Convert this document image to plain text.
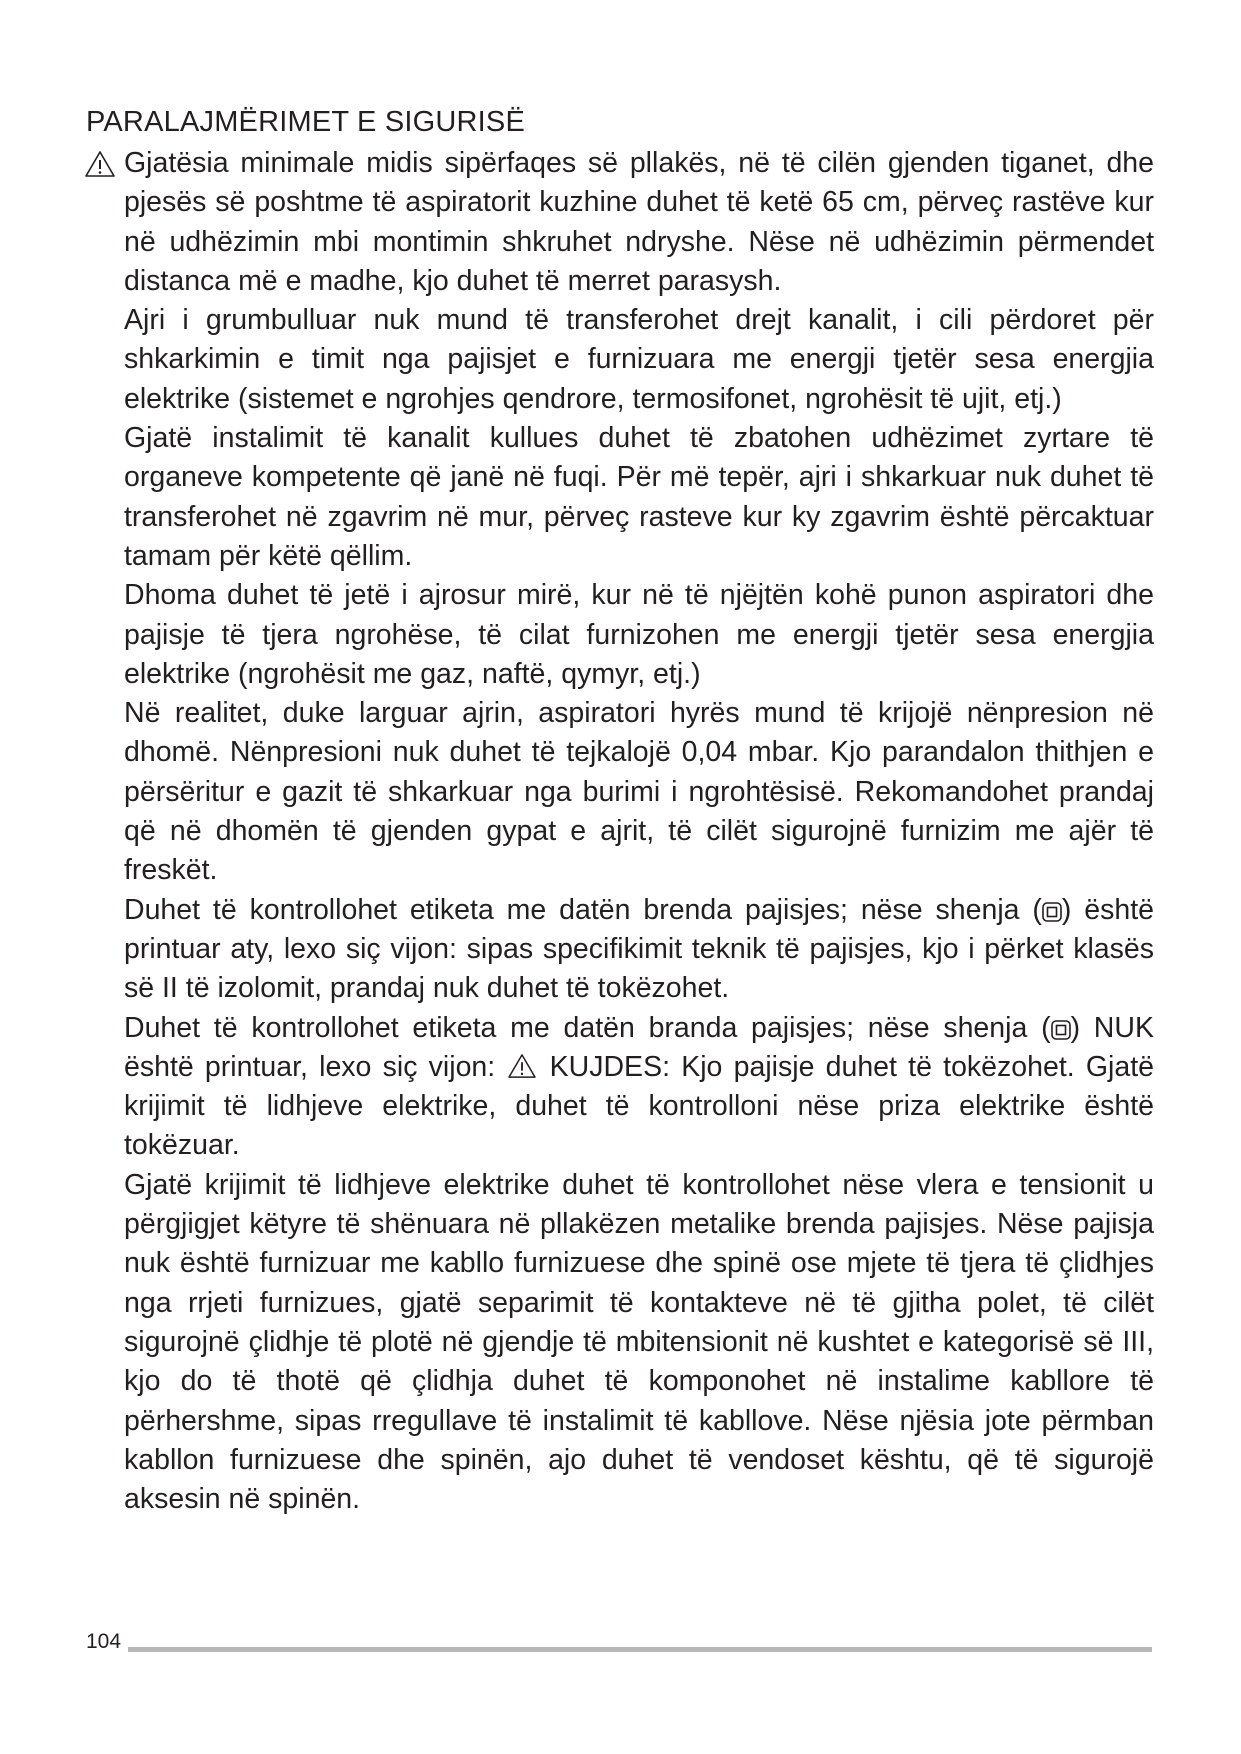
PARALAJMËRIMET E SIGURISË

Gjatësia minimale midis sipërfaqes së pllakës, në të cilën gjenden tiganet, dhe pjesës së poshtme të aspiratorit kuzhine duhet të ketë 65 cm, përveç rastëve kur në udhëzimin mbi montimin shkruhet ndryshe. Nëse në udhëzimin përmendet distanca më e madhe, kjo duhet të merret parasysh.

Ajri i grumbulluar nuk mund të transferohet drejt kanalit, i cili përdoret për shkarkimin e timit nga pajisjet e furnizuara me energji tjetër sesa energjia elektrike (sistemet e ngrohjes qendrore, termosifonet, ngrohësit të ujit, etj.)

Gjatë instalimit të kanalit kullues duhet të zbatohen udhëzimet zyrtare të organeve kompetente që janë në fuqi. Për më tepër, ajri i shkarkuar nuk duhet të transferohet në zgavrim në mur, përveç rasteve kur ky zgavrim është përcaktuar tamam për këtë qëllim.

Dhoma duhet të jetë i ajrosur mirë, kur në të njëjtën kohë punon aspiratori dhe pajisje të tjera ngrohëse, të cilat furnizohen me energji tjetër sesa energjia elektrike (ngrohësit me gaz, naftë, qymyr, etj.)

Në realitet, duke larguar ajrin, aspiratori hyrës mund të krijojë nënpresion në dhomë. Nënpresioni nuk duhet të tejkalojë 0,04 mbar. Kjo parandalon thithjen e përsëritur e gazit të shkarkuar nga burimi i ngrohtësisë. Rekomandohet prandaj që në dhomën të gjenden gypat e ajrit, të cilët sigurojnë furnizim me ajër të freskët.

Duhet të kontrollohet etiketa me datën brenda pajisjes; nëse shenja ( ) është printuar aty, lexo siç vijon: sipas specifikimit teknik të pajisjes, kjo i përket klasës së II të izolomit, prandaj nuk duhet të tokëzohet.

Duhet të kontrollohet etiketa me datën branda pajisjes; nëse shenja ( ) NUK është printuar, lexo siç vijon:  KUJDES: Kjo pajisje duhet të tokëzohet. Gjatë krijimit të lidhjeve elektrike, duhet të kontrolloni nëse priza elektrike është tokëzuar.

Gjatë krijimit të lidhjeve elektrike duhet të kontrollohet nëse vlera e tensionit u përgjigjet këtyre të shënuara në pllakëzen metalike brenda pajisjes. Nëse pajisja nuk është furnizuar me kabllo furnizuese dhe spinë ose mjete të tjera të çlidhjes nga rrjeti furnizues, gjatë separimit të kontakteve në të gjitha polet, të cilët sigurojnë çlidhje të plotë në gjendje të mbitensionit në kushtet e kategorisë së III, kjo do të thotë që çlidhja duhet të komponohet në instalime kabllore të përhershme, sipas rregullave të instalimit të kabllove. Nëse njësia jote përmban kabllon furnizuese dhe spinën, ajo duhet të vendoset kështu, që të sigurojë aksesin në spinën.

104
